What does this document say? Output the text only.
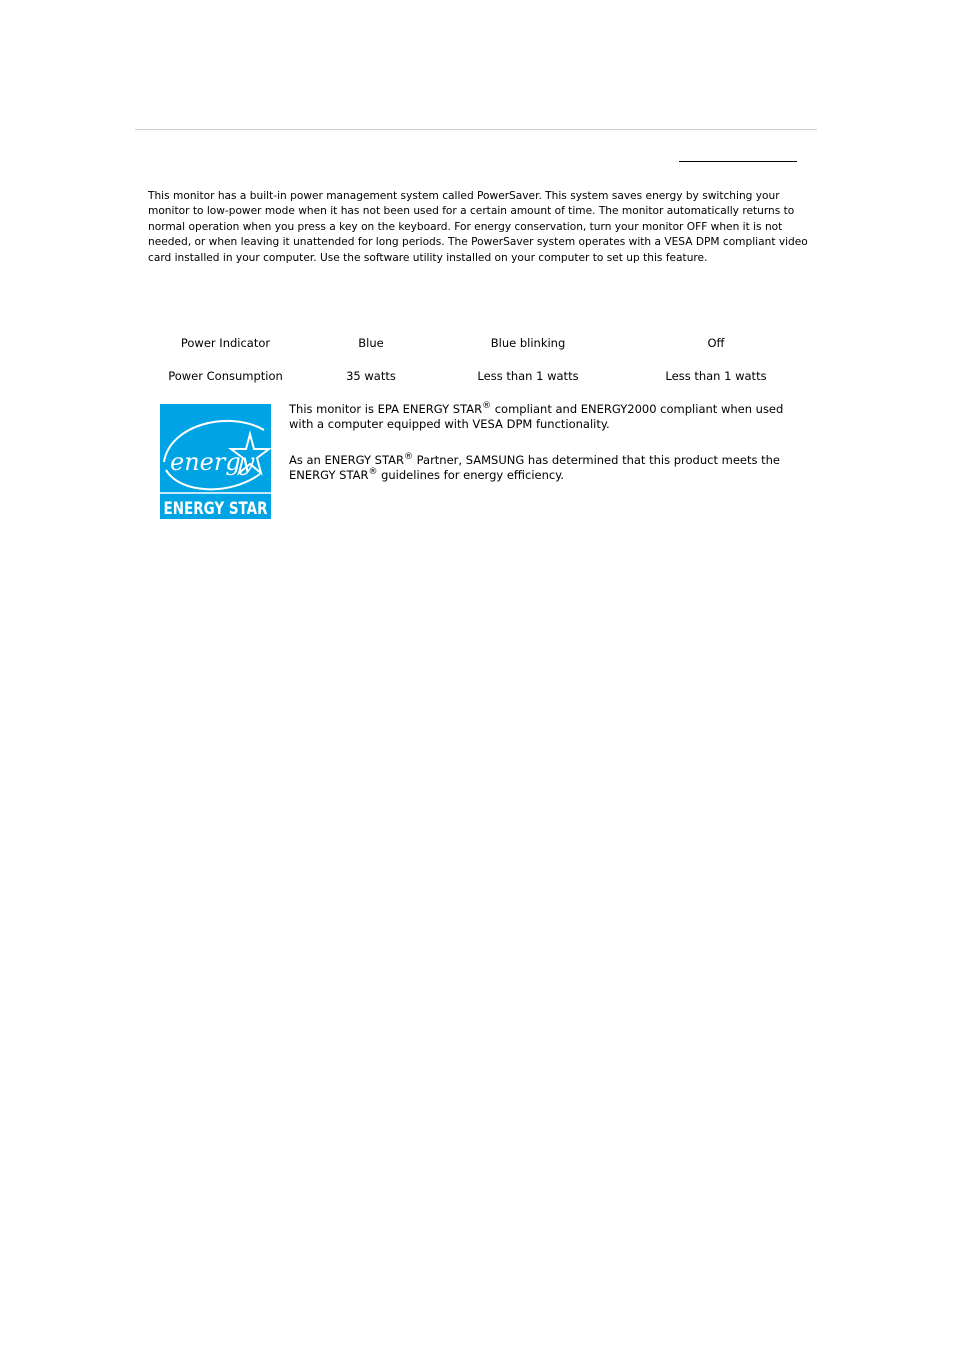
This monitor has a built-in power management system called PowerSaver. This system saves energy by switching your monitor to low-power mode when it has not been used for a certain amount of time. The monitor automatically returns to normal operation when you press a key on the keyboard. For energy conservation, turn your monitor OFF when it is not needed, or when leaving it unattended for long periods. The PowerSaver system operates with a VESA DPM compliant video card installed in your computer. Use the software utility installed on your computer to set up this feature.
Power Indicator	Blue	Blue blinking	Off

Power Consumption	35 watts	Less than 1 watts	Less than 1 watts
energy
ENERGY STAR

This monitor is EPA ENERGY STAR® compliant and ENERGY2000 compliant when used with a computer equipped with VESA DPM functionality.

As an ENERGY STAR® Partner, SAMSUNG has determined that this product meets the ENERGY STAR® guidelines for energy efficiency.
